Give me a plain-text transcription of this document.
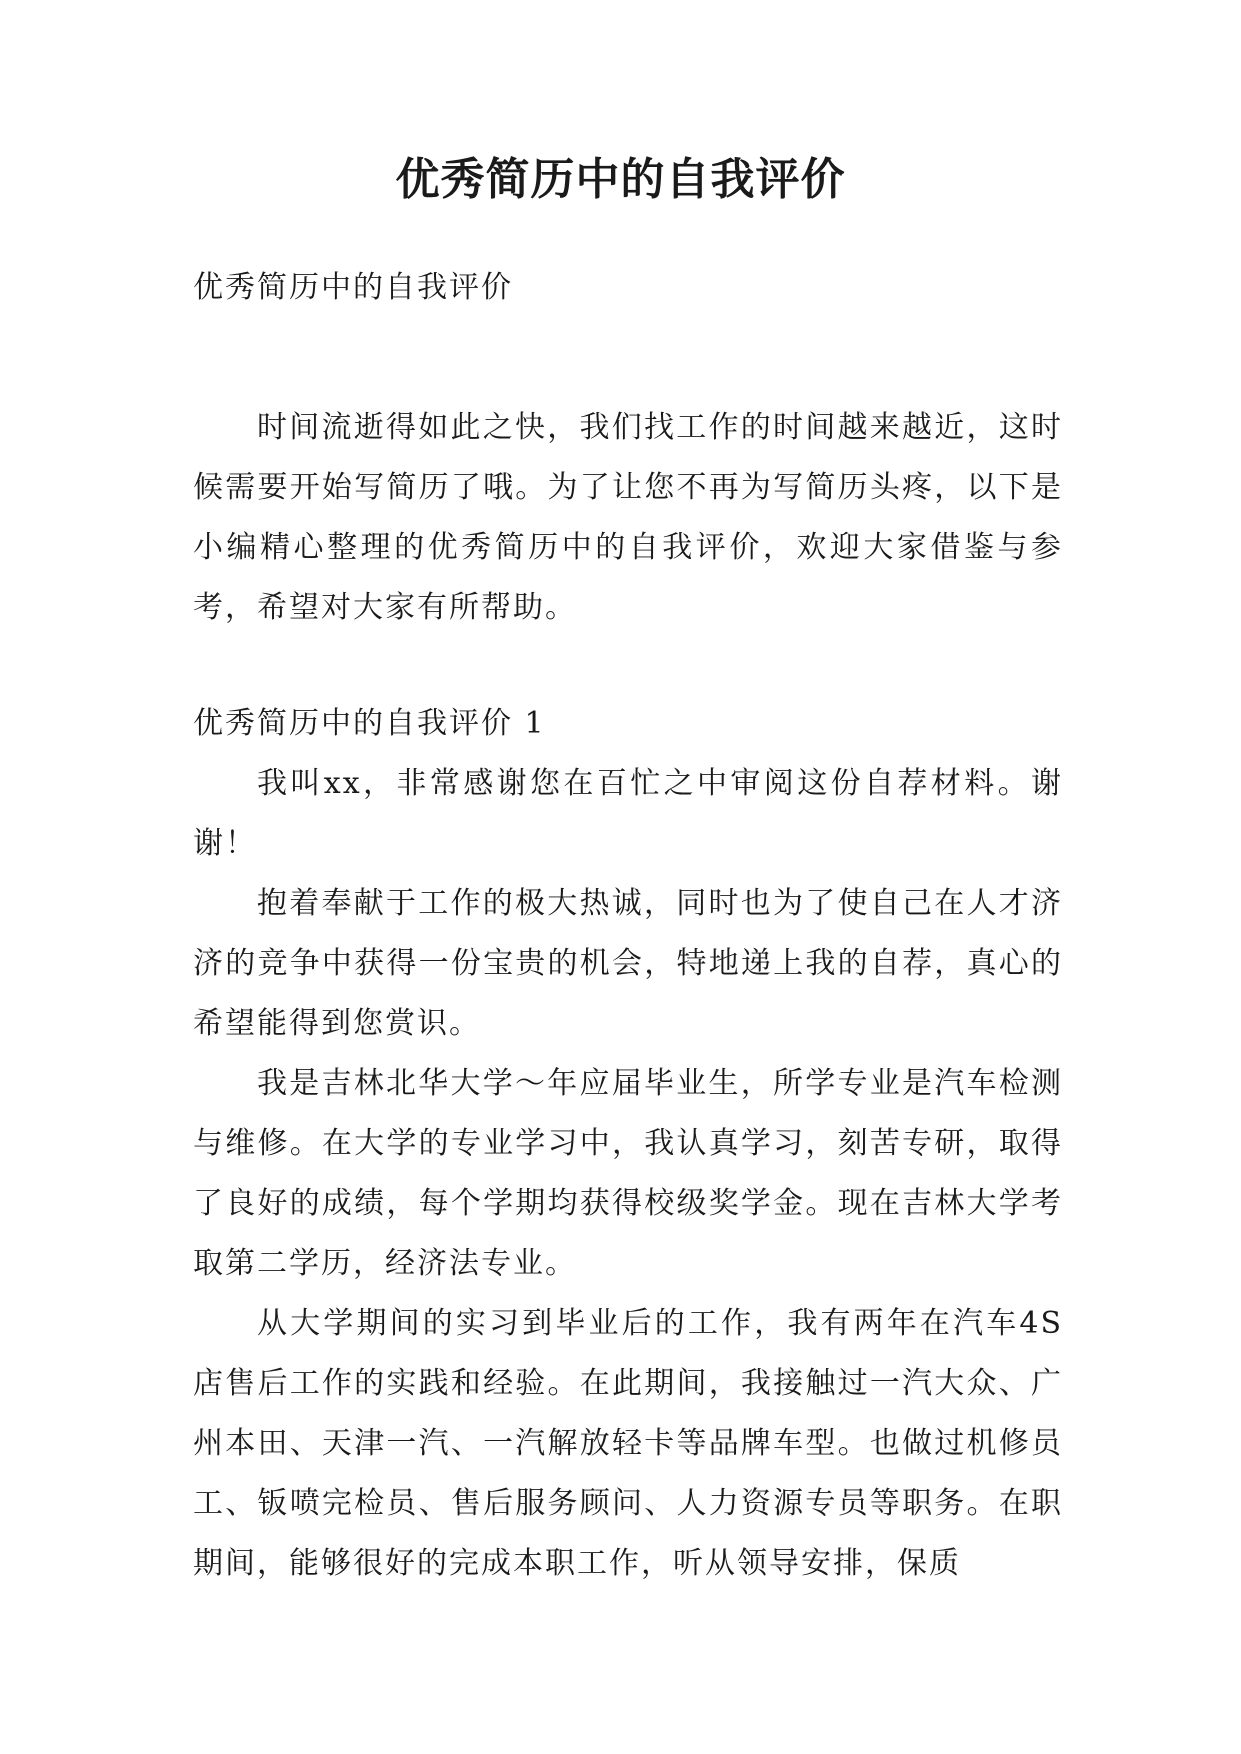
优秀简历中的自我评价

优秀简历中的自我评价

时间流逝得如此之快，我们找工作的时间越来越近，这时候需要开始写简历了哦。为了让您不再为写简历头疼，以下是小编精心整理的优秀简历中的自我评价，欢迎大家借鉴与参考，希望对大家有所帮助。

优秀简历中的自我评价 1

我叫xx，非常感谢您在百忙之中审阅这份自荐材料。谢谢！

抱着奉献于工作的极大热诚，同时也为了使自己在人才济济的竞争中获得一份宝贵的机会，特地递上我的自荐，真心的希望能得到您赏识。

我是吉林北华大学～年应届毕业生，所学专业是汽车检测与维修。在大学的专业学习中，我认真学习，刻苦专研，取得了良好的成绩，每个学期均获得校级奖学金。现在吉林大学考取第二学历，经济法专业。

从大学期间的实习到毕业后的工作，我有两年在汽车4S店售后工作的实践和经验。在此期间，我接触过一汽大众、广州本田、天津一汽、一汽解放轻卡等品牌车型。也做过机修员工、钣喷完检员、售后服务顾问、人力资源专员等职务。在职期间，能够很好的完成本职工作，听从领导安排，保质
